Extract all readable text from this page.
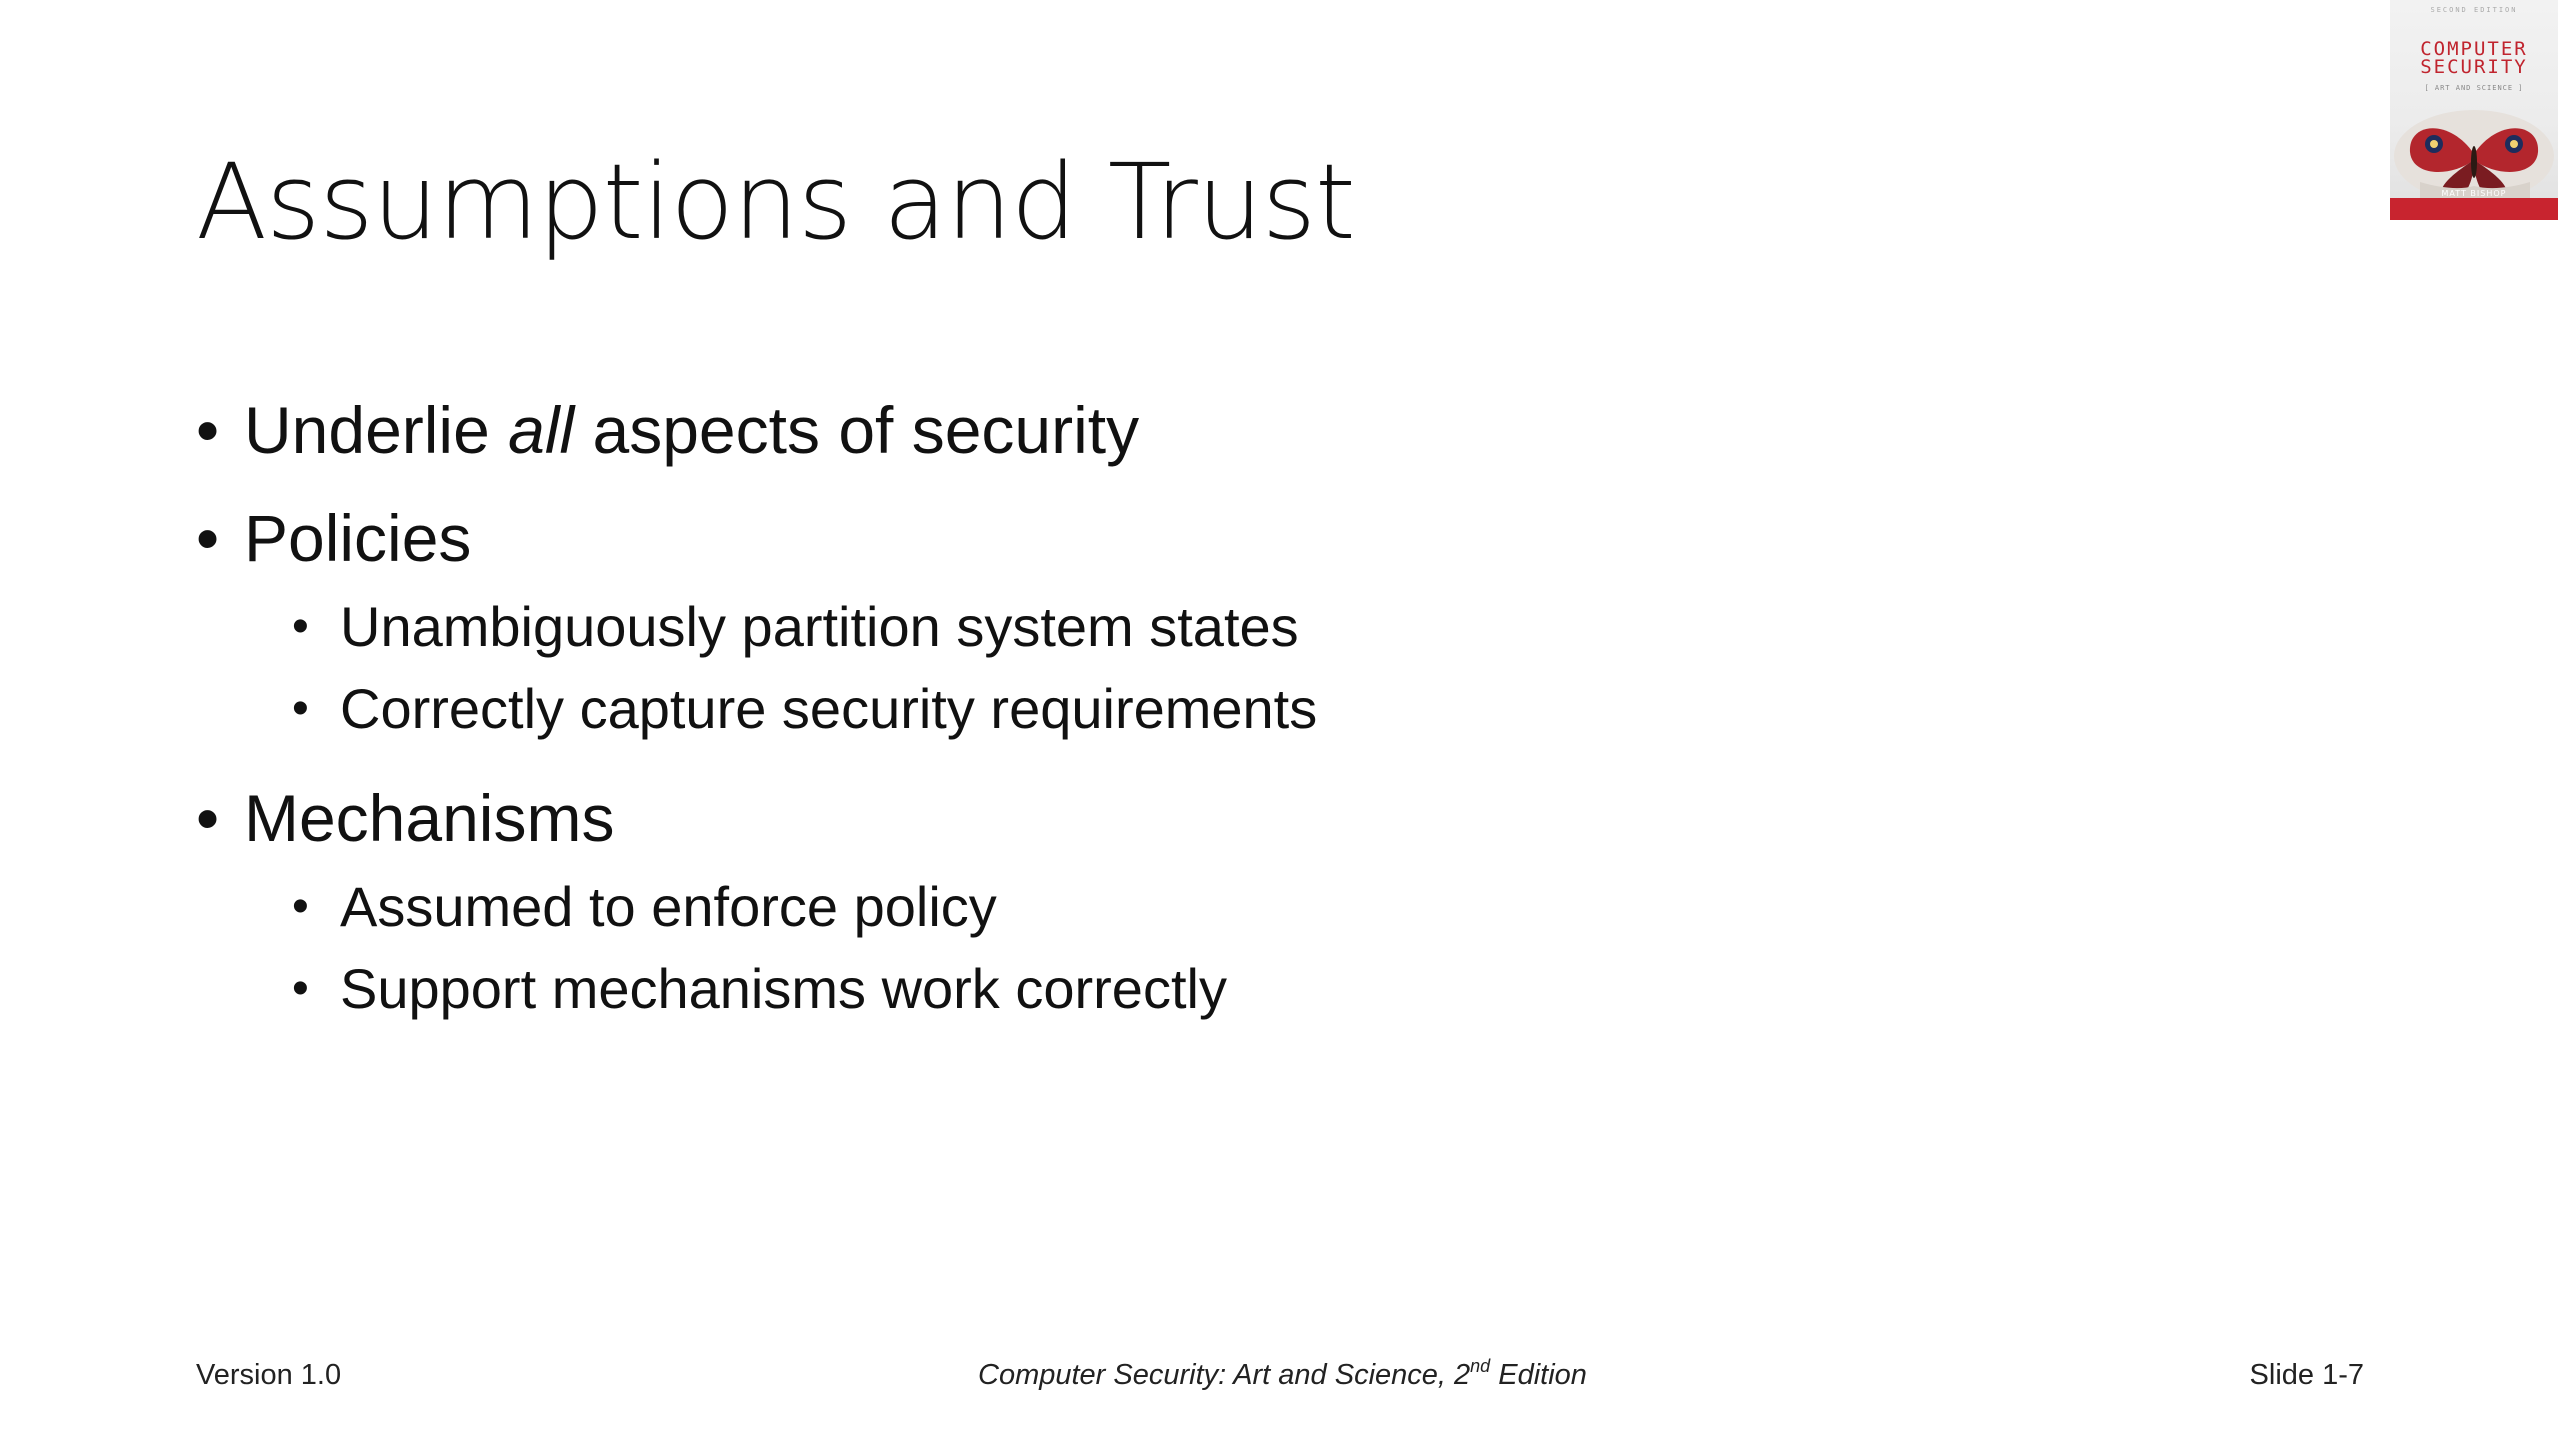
Assumptions and Trust
SECOND EDITION
COMPUTER
SECURITY
[ ART AND SCIENCE ]
MATT BISHOP
• Underlie all aspects of security
• Policies
• Unambiguously partition system states
• Correctly capture security requirements
• Mechanisms
• Assumed to enforce policy
• Support mechanisms work correctly
Version 1.0	Computer Security: Art and Science, 2nd Edition	Slide 1-7
